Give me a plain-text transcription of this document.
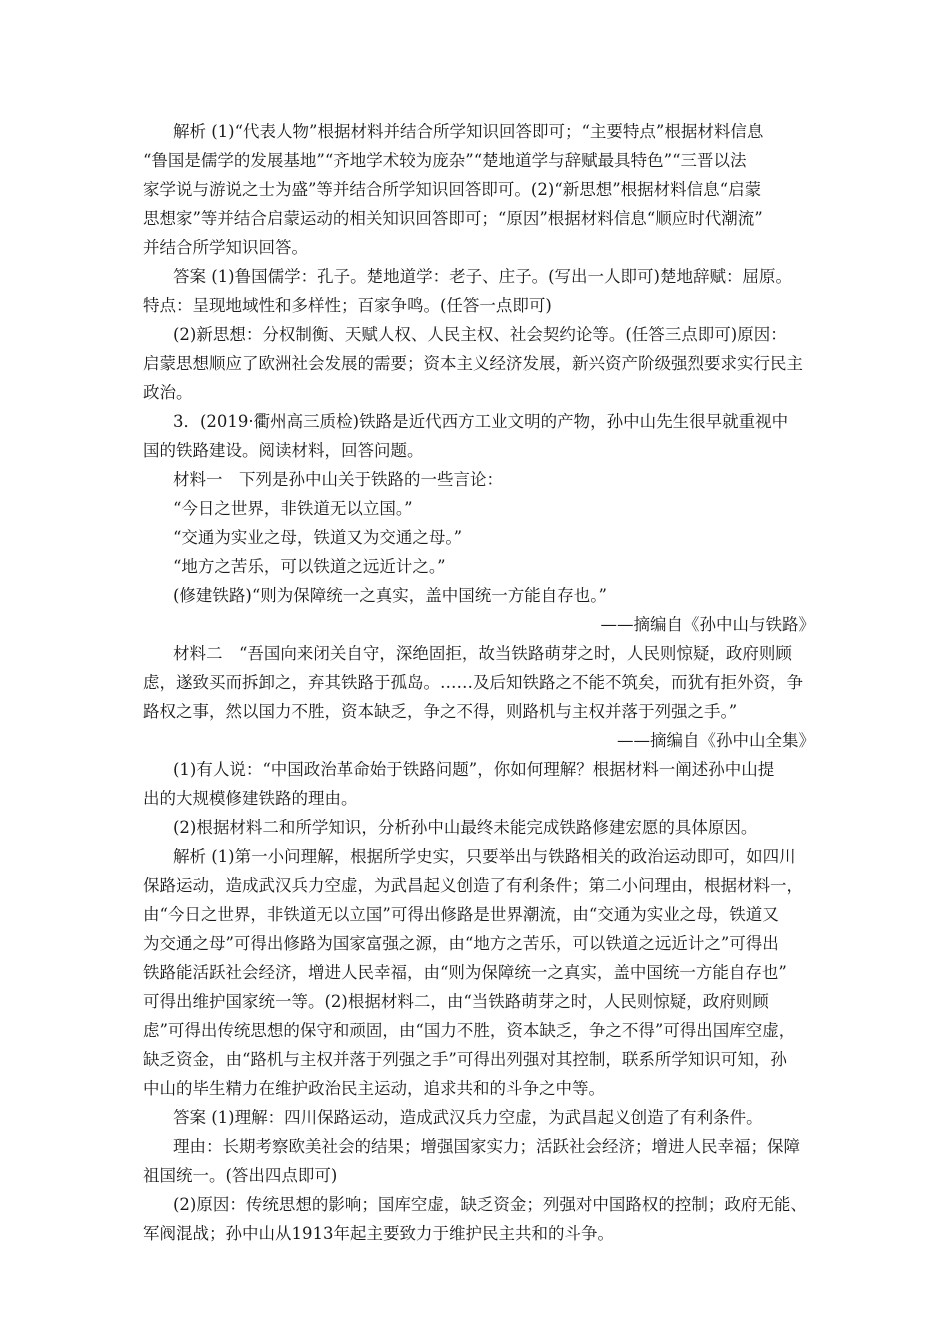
解析 (1)“代表人物”根据材料并结合所学知识回答即可；“主要特点”根据材料信息
“鲁国是儒学的发展基地”“齐地学术较为庞杂”“楚地道学与辞赋最具特色”“三晋以法
家学说与游说之士为盛”等并结合所学知识回答即可。(2)“新思想”根据材料信息“启蒙
思想家”等并结合启蒙运动的相关知识回答即可；“原因”根据材料信息“顺应时代潮流”
并结合所学知识回答。
答案 (1)鲁国儒学：孔子。楚地道学：老子、庄子。(写出一人即可)楚地辞赋：屈原。
特点：呈现地域性和多样性；百家争鸣。(任答一点即可)
(2)新思想：分权制衡、天赋人权、人民主权、社会契约论等。(任答三点即可)原因：
启蒙思想顺应了欧洲社会发展的需要；资本主义经济发展，新兴资产阶级强烈要求实行民主
政治。
3．(2019·衢州高三质检)铁路是近代西方工业文明的产物，孙中山先生很早就重视中
国的铁路建设。阅读材料，回答问题。
材料一　下列是孙中山关于铁路的一些言论：
“今日之世界，非铁道无以立国。”
“交通为实业之母，铁道又为交通之母。”
“地方之苦乐，可以铁道之远近计之。”
(修建铁路)“则为保障统一之真实，盖中国统一方能自存也。”
——摘编自《孙中山与铁路》
材料二　“吾国向来闭关自守，深绝固拒，故当铁路萌芽之时，人民则惊疑，政府则顾
虑，遂致买而拆卸之，弃其铁路于孤岛。……及后知铁路之不能不筑矣，而犹有拒外资，争
路权之事，然以国力不胜，资本缺乏，争之不得，则路机与主权并落于列强之手。”
——摘编自《孙中山全集》
(1)有人说：“中国政治革命始于铁路问题”，你如何理解？根据材料一阐述孙中山提
出的大规模修建铁路的理由。
(2)根据材料二和所学知识，分析孙中山最终未能完成铁路修建宏愿的具体原因。
解析 (1)第一小问理解，根据所学史实，只要举出与铁路相关的政治运动即可，如四川
保路运动，造成武汉兵力空虚，为武昌起义创造了有利条件；第二小问理由，根据材料一，
由“今日之世界，非铁道无以立国”可得出修路是世界潮流，由“交通为实业之母，铁道又
为交通之母”可得出修路为国家富强之源，由“地方之苦乐，可以铁道之远近计之”可得出
铁路能活跃社会经济，增进人民幸福，由“则为保障统一之真实，盖中国统一方能自存也”
可得出维护国家统一等。(2)根据材料二，由“当铁路萌芽之时，人民则惊疑，政府则顾
虑”可得出传统思想的保守和顽固，由“国力不胜，资本缺乏，争之不得”可得出国库空虚，
缺乏资金，由“路机与主权并落于列强之手”可得出列强对其控制，联系所学知识可知，孙
中山的毕生精力在维护政治民主运动，追求共和的斗争之中等。
答案 (1)理解：四川保路运动，造成武汉兵力空虚，为武昌起义创造了有利条件。
理由：长期考察欧美社会的结果；增强国家实力；活跃社会经济；增进人民幸福；保障
祖国统一。(答出四点即可)
(2)原因：传统思想的影响；国库空虚，缺乏资金；列强对中国路权的控制；政府无能、
军阀混战；孙中山从1913年起主要致力于维护民主共和的斗争。
